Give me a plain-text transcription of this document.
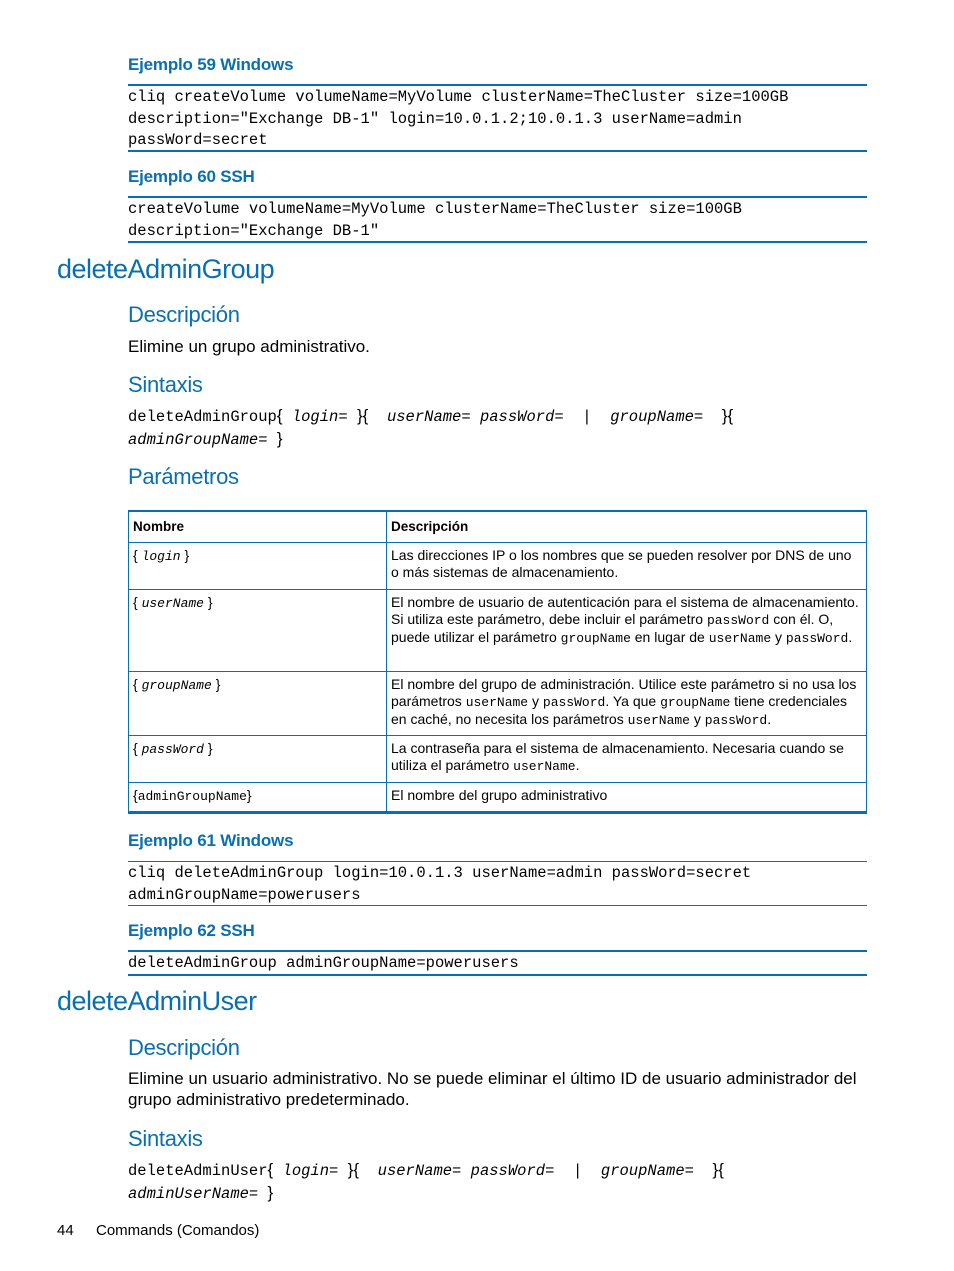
Ejemplo 59 Windows
cliq createVolume volumeName=MyVolume clusterName=TheCluster size=100GB
description="Exchange DB-1" login=10.0.1.2;10.0.1.3 userName=admin
passWord=secret
Ejemplo 60 SSH
createVolume volumeName=MyVolume clusterName=TheCluster size=100GB
description="Exchange DB-1"
deleteAdminGroup
Descripción
Elimine un grupo administrativo.
Sintaxis
deleteAdminGroup{ login= }{ userName= passWord= | groupName= }{
adminGroupName= }
Parámetros
Nombre	Descripción
{ login }	Las direcciones IP o los nombres que se pueden resolver por DNS de uno o más sistemas de almacenamiento.
{ userName }	El nombre de usuario de autenticación para el sistema de almacenamiento. Si utiliza este parámetro, debe incluir el parámetro passWord con él. O, puede utilizar el parámetro groupName en lugar de userName y passWord.
{ groupName }	El nombre del grupo de administración. Utilice este parámetro si no usa los parámetros userName y passWord. Ya que groupName tiene credenciales en caché, no necesita los parámetros userName y passWord.
{ passWord }	La contraseña para el sistema de almacenamiento. Necesaria cuando se utiliza el parámetro userName.
{adminGroupName}	El nombre del grupo administrativo
Ejemplo 61 Windows
cliq deleteAdminGroup login=10.0.1.3 userName=admin passWord=secret
adminGroupName=powerusers
Ejemplo 62 SSH
deleteAdminGroup adminGroupName=powerusers
deleteAdminUser
Descripción
Elimine un usuario administrativo. No se puede eliminar el último ID de usuario administrador del grupo administrativo predeterminado.
Sintaxis
deleteAdminUser{ login= }{ userName= passWord= | groupName= }{
adminUserName= }
44 Commands (Comandos)
